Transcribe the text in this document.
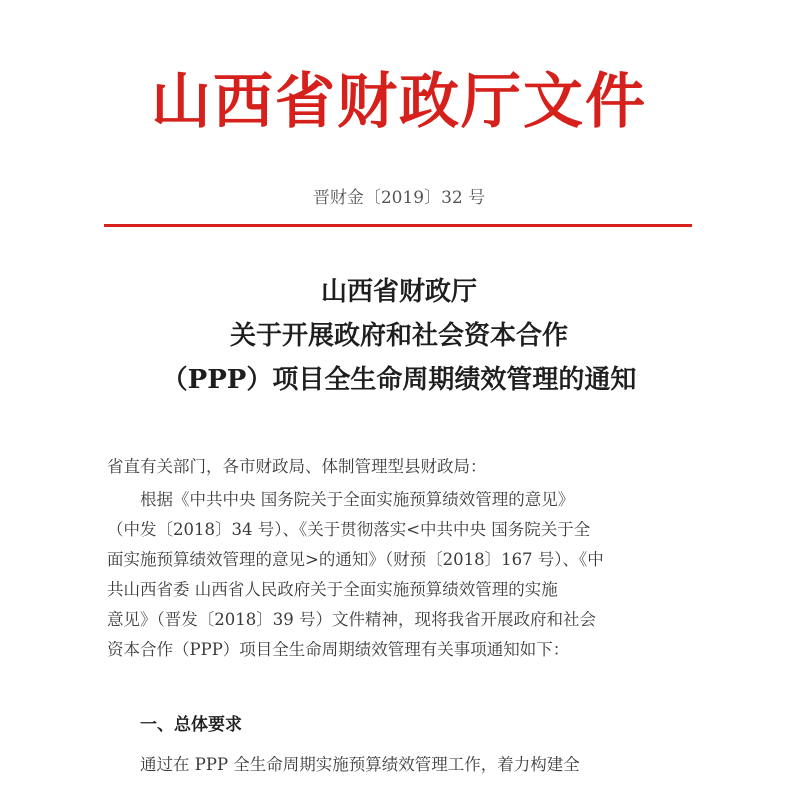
山西省财政厅文件
晋财金〔2019〕32 号
山西省财政厅
关于开展政府和社会资本合作
（PPP）项目全生命周期绩效管理的通知
省直有关部门，各市财政局、体制管理型县财政局：
根据《中共中央 国务院关于全面实施预算绩效管理的意见》
（中发〔2018〕34 号）、《关于贯彻落实<中共中央 国务院关于全
面实施预算绩效管理的意见>的通知》（财预〔2018〕167 号）、《中
共山西省委 山西省人民政府关于全面实施预算绩效管理的实施
意见》（晋发〔2018〕39 号）文件精神，现将我省开展政府和社会
资本合作（PPP）项目全生命周期绩效管理有关事项通知如下：
一、总体要求
通过在 PPP 全生命周期实施预算绩效管理工作，着力构建全
